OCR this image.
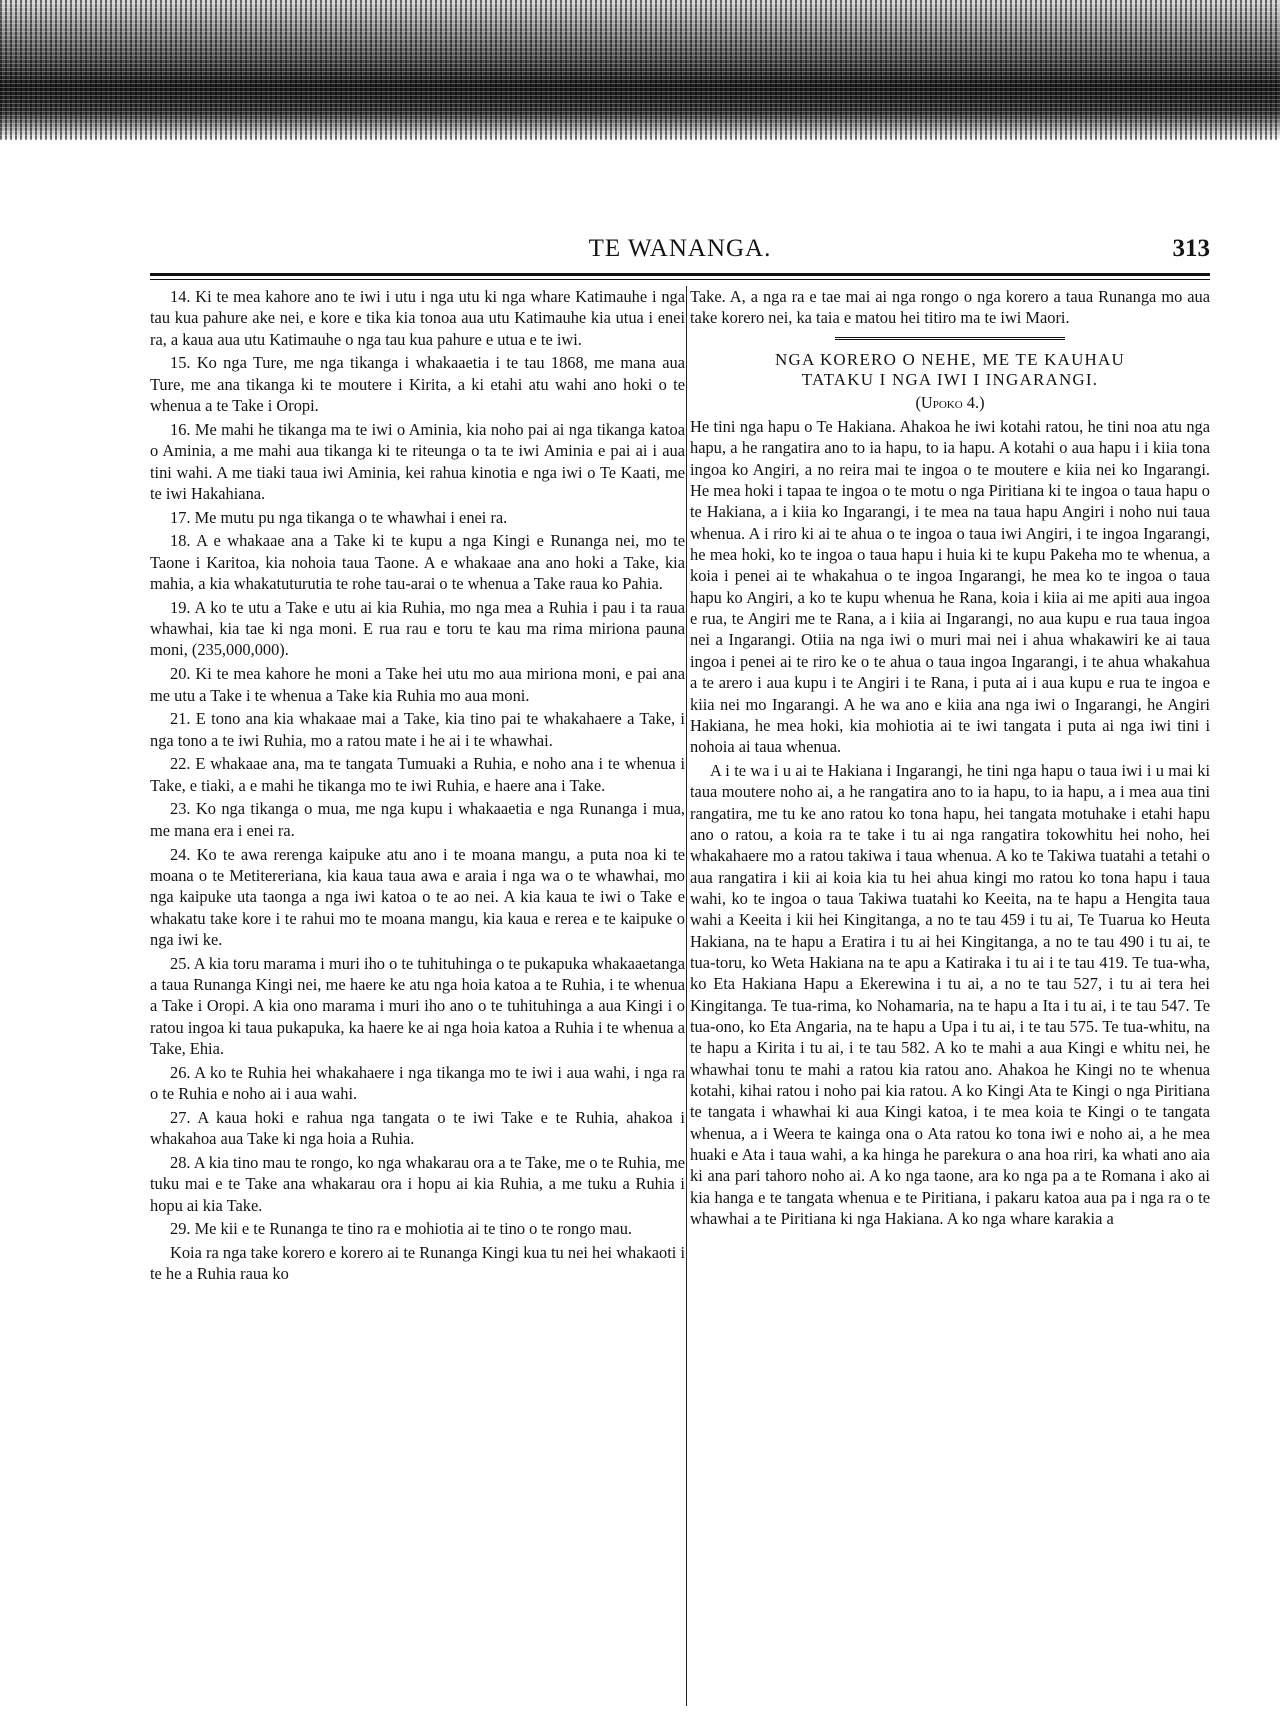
TE WANANGA.	313

14. Ki te mea kahore ano te iwi i utu i nga utu ki nga whare Katimauhe i nga tau kua pahure ake nei, e kore e tika kia tonoa aua utu Katimauhe kia utua i enei ra, a kaua aua utu Katimauhe o nga tau kua pahure e utua e te iwi.

15. Ko nga Ture, me nga tikanga i whakaaetia i te tau 1868, me mana aua Ture, me ana tikanga ki te moutere i Kirita, a ki etahi atu wahi ano hoki o te whenua a te Take i Oropi.

16. Me mahi he tikanga ma te iwi o Aminia, kia noho pai ai nga tikanga katoa o Aminia, a me mahi aua tikanga ki te riteunga o ta te iwi Aminia e pai ai i aua tini wahi. A me tiaki taua iwi Aminia, kei rahua kinotia e nga iwi o Te Kaati, me te iwi Hakahiana.

17. Me mutu pu nga tikanga o te whawhai i enei ra.

18. A e whakaae ana a Take ki te kupu a nga Kingi e Runanga nei, mo te Taone i Karitoa, kia nohoia taua Taone. A e whakaae ana ano hoki a Take, kia mahia, a kia whakatuturutia te rohe tau-arai o te whenua a Take raua ko Pahia.

19. A ko te utu a Take e utu ai kia Ruhia, mo nga mea a Ruhia i pau i ta raua whawhai, kia tae ki nga moni. E rua rau e toru te kau ma rima miriona pauna moni, (235,000,000).

20. Ki te mea kahore he moni a Take hei utu mo aua miriona moni, e pai ana me utu a Take i te whenua a Take kia Ruhia mo aua moni.

21. E tono ana kia whakaae mai a Take, kia tino pai te whakahaere a Take, i nga tono a te iwi Ruhia, mo a ratou mate i he ai i te whawhai.

22. E whakaae ana, ma te tangata Tumuaki a Ruhia, e noho ana i te whenua i Take, e tiaki, a e mahi he tikanga mo te iwi Ruhia, e haere ana i Take.

23. Ko nga tikanga o mua, me nga kupu i whakaaetia e nga Runanga i mua, me mana era i enei ra.

24. Ko te awa rerenga kaipuke atu ano i te moana mangu, a puta noa ki te moana o te Metitereriana, kia kaua taua awa e araia i nga wa o te whawhai, mo nga kaipuke uta taonga a nga iwi katoa o te ao nei. A kia kaua te iwi o Take e whakatu take kore i te rahui mo te moana mangu, kia kaua e rerea e te kaipuke o nga iwi ke.

25. A kia toru marama i muri iho o te tuhituhinga o te pukapuka whakaaetanga a taua Runanga Kingi nei, me haere ke atu nga hoia katoa a te Ruhia, i te whenua a Take i Oropi. A kia ono marama i muri iho ano o te tuhituhinga a aua Kingi i o ratou ingoa ki taua pukapuka, ka haere ke ai nga hoia katoa a Ruhia i te whenua a Take, Ehia.

26. A ko te Ruhia hei whakahaere i nga tikanga mo te iwi i aua wahi, i nga ra o te Ruhia e noho ai i aua wahi.

27. A kaua hoki e rahua nga tangata o te iwi Take e te Ruhia, ahakoa i whakahoa aua Take ki nga hoia a Ruhia.

28. A kia tino mau te rongo, ko nga whakarau ora a te Take, me o te Ruhia, me tuku mai e te Take ana whakarau ora i hopu ai kia Ruhia, a me tuku a Ruhia i hopu ai kia Take.

29. Me kii e te Runanga te tino ra e mohiotia ai te tino o te rongo mau.

Koia ra nga take korero e korero ai te Runanga Kingi kua tu nei hei whakaoti i te he a Ruhia raua ko

Take. A, a nga ra e tae mai ai nga rongo o nga korero a taua Runanga mo aua take korero nei, ka taia e matou hei titiro ma te iwi Maori.

NGA KORERO O NEHE, ME TE KAUHAU
TATAKU I NGA IWI I INGARANGI.
(Upoko 4.)

He tini nga hapu o Te Hakiana. Ahakoa he iwi kotahi ratou, he tini noa atu nga hapu, a he rangatira ano to ia hapu, to ia hapu. A kotahi o aua hapu i i kiia tona ingoa ko Angiri, a no reira mai te ingoa o te moutere e kiia nei ko Ingarangi. He mea hoki i tapaa te ingoa o te motu o nga Piritiana ki te ingoa o taua hapu o te Hakiana, a i kiia ko Ingarangi, i te mea na taua hapu Angiri i noho nui taua whenua. A i riro ki ai te ahua o te ingoa o taua iwi Angiri, i te ingoa Ingarangi, he mea hoki, ko te ingoa o taua hapu i huia ki te kupu Pakeha mo te whenua, a koia i penei ai te whakahua o te ingoa Ingarangi, he mea ko te ingoa o taua hapu ko Angiri, a ko te kupu whenua he Rana, koia i kiia ai me apiti aua ingoa e rua, te Angiri me te Rana, a i kiia ai Ingarangi, no aua kupu e rua taua ingoa nei a Ingarangi. Otiia na nga iwi o muri mai nei i ahua whakawiri ke ai taua ingoa i penei ai te riro ke o te ahua o taua ingoa Ingarangi, i te ahua whakahua a te arero i aua kupu i te Angiri i te Rana, i puta ai i aua kupu e rua te ingoa e kiia nei mo Ingarangi. A he wa ano e kiia ana nga iwi o Ingarangi, he Angiri Hakiana, he mea hoki, kia mohiotia ai te iwi tangata i puta ai nga iwi tini i nohoia ai taua whenua.

A i te wa i u ai te Hakiana i Ingarangi, he tini nga hapu o taua iwi i u mai ki taua moutere noho ai, a he rangatira ano to ia hapu, to ia hapu, a i mea aua tini rangatira, me tu ke ano ratou ko tona hapu, hei tangata motuhake i etahi hapu ano o ratou, a koia ra te take i tu ai nga rangatira tokowhitu hei noho, hei whakahaere mo a ratou takiwa i taua whenua. A ko te Takiwa tuatahi a tetahi o aua rangatira i kii ai koia kia tu hei ahua kingi mo ratou ko tona hapu i taua wahi, ko te ingoa o taua Takiwa tuatahi ko Keeita, na te hapu a Hengita taua wahi a Keeita i kii hei Kingitanga, a no te tau 459 i tu ai, Te Tuarua ko Heuta Hakiana, na te hapu a Eratira i tu ai hei Kingitanga, a no te tau 490 i tu ai, te tua-toru, ko Weta Hakiana na te apu a Katiraka i tu ai i te tau 419. Te tua-wha, ko Eta Hakiana Hapu a Ekerewina i tu ai, a no te tau 527, i tu ai tera hei Kingitanga. Te tua-rima, ko Nohamaria, na te hapu a Ita i tu ai, i te tau 547. Te tua-ono, ko Eta Angaria, na te hapu a Upa i tu ai, i te tau 575. Te tua-whitu, na te hapu a Kirita i tu ai, i te tau 582. A ko te mahi a aua Kingi e whitu nei, he whawhai tonu te mahi a ratou kia ratou ano. Ahakoa he Kingi no te whenua kotahi, kihai ratou i noho pai kia ratou. A ko Kingi Ata te Kingi o nga Piritiana te tangata i whawhai ki aua Kingi katoa, i te mea koia te Kingi o te tangata whenua, a i Weera te kainga ona o Ata ratou ko tona iwi e noho ai, a he mea huaki e Ata i taua wahi, a ka hinga he parekura o ana hoa riri, ka whati ano aia ki ana pari tahoro noho ai. A ko nga taone, ara ko nga pa a te Romana i ako ai kia hanga e te tangata whenua e te Piritiana, i pakaru katoa aua pa i nga ra o te whawhai a te Piritiana ki nga Hakiana. A ko nga whare karakia a
